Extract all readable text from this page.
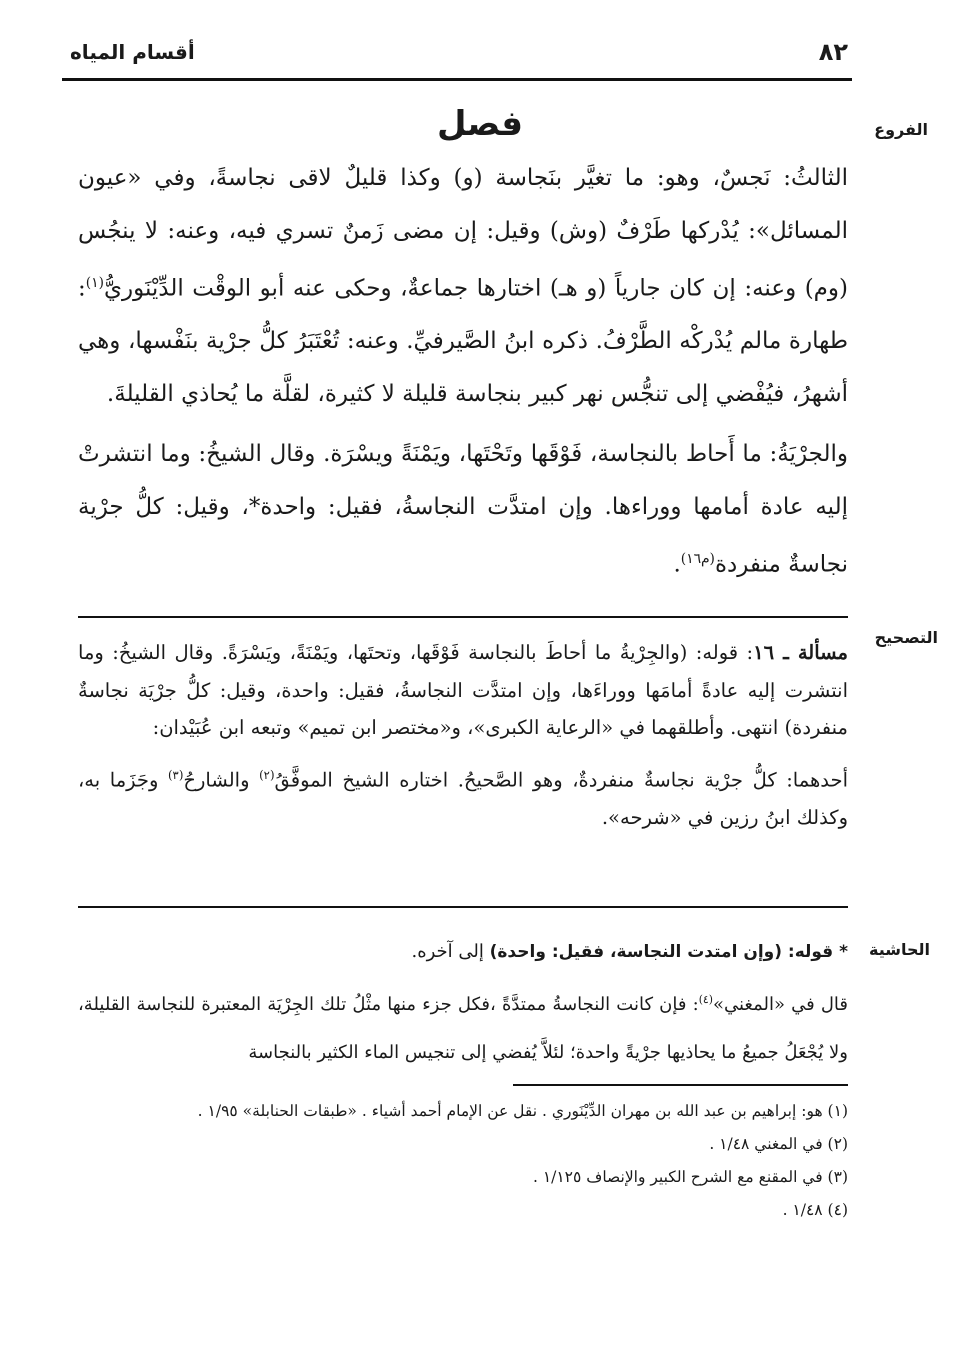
٨٢
أقسام المياه
الفروع
التصحيح
الحاشية
فصل

الثالثُ: نَجسٌ، وهو: ما تغيَّر بنَجاسة (و) وكذا قليلٌ لاقى نجاسةً، وفي «عيون المسائل»: يُدْركها طَرْفٌ (وش) وقيل: إن مضى زَمنٌ تسري فيه، وعنه: لا ينجُس (وم) وعنه: إن كان جارياً (و هـ) اختارها جماعةٌ، وحكى عنه أبو الوقْت الدِّيْنَوريُّ$^{(١)}$: طهارة مالم يُدْركْه الطَّرْفُ. ذكره ابنُ الصَّيرفيِّ. وعنه: تُعْتَبَرُ كلُّ جرْية بنَفْسها، وهي أشهرُ، فيُفْضي إلى تنجُّس نهر كبير بنجاسة قليلة لا كثيرة، لقلَّة ما يُحاذي القليلةَ.

والجرْيَةُ: ما أَحاط بالنجاسة، فَوْقَها وتَحْتَها، ويَمْنَةً ويسْرَة. وقال الشيخُ: وما انتشرتْ إليه عادة أمامها ووراءها. وإن امتدَّت النجاسةُ، فقيل: واحدة*، وقيل: كلُّ جرْية نجاسةٌ منفردة$^{(م١٦)}$.

مسألة ـ ١٦: قوله: (والجِرْيةُ ما أحاطَ بالنجاسة فَوْقَها، وتحتَها، ويَمْنَةً، ويَسْرَةً. وقال الشيخُ: وما انتشرت إليه عادةً أمامَها ووراءَها، وإن امتدَّت النجاسةُ، فقيل: واحدة، وقيل: كلُّ جرْيَة نجاسةٌ منفردة) انتهى. وأطلقهما في «الرعاية الكبرى»، و«مختصر ابن تميم» وتبعه ابن عُبَيْدان:

أحدهما: كلُّ جرْية نجاسةٌ منفردةٌ، وهو الصَّحيحُ. اختاره الشيخ الموفَّقُ$^{(٢)}$ والشارحُ$^{(٣)}$ وجَزَما به، وكذلك ابنُ رزين في «شرحه».

* قوله: (وإن امتدت النجاسة، فقيل: واحدة) إلى آخره.

قال في «المغني»$^{(٤)}$: فإن كانت النجاسةُ ممتدَّةً ،فكل جزء منها مثْلُ تلك الجِرْيَة المعتبرة للنجاسة القليلة، ولا يُجْعَلُ جميعُ ما يحاذيها جرْيةً واحدة؛ لئلاَّ يُفضي إلى تنجيس الماء الكثير بالنجاسة

(١) هو: إبراهيم بن عبد الله بن مهران الدِّيْنَوري . نقل عن الإمام أحمد أشياء . «طبقات الحنابلة» ١/٩٥ .

(٢) في المغني ١/٤٨ .

(٣) في المقنع مع الشرح الكبير والإنصاف ١/١٢٥ .

(٤) ١/٤٨ .
